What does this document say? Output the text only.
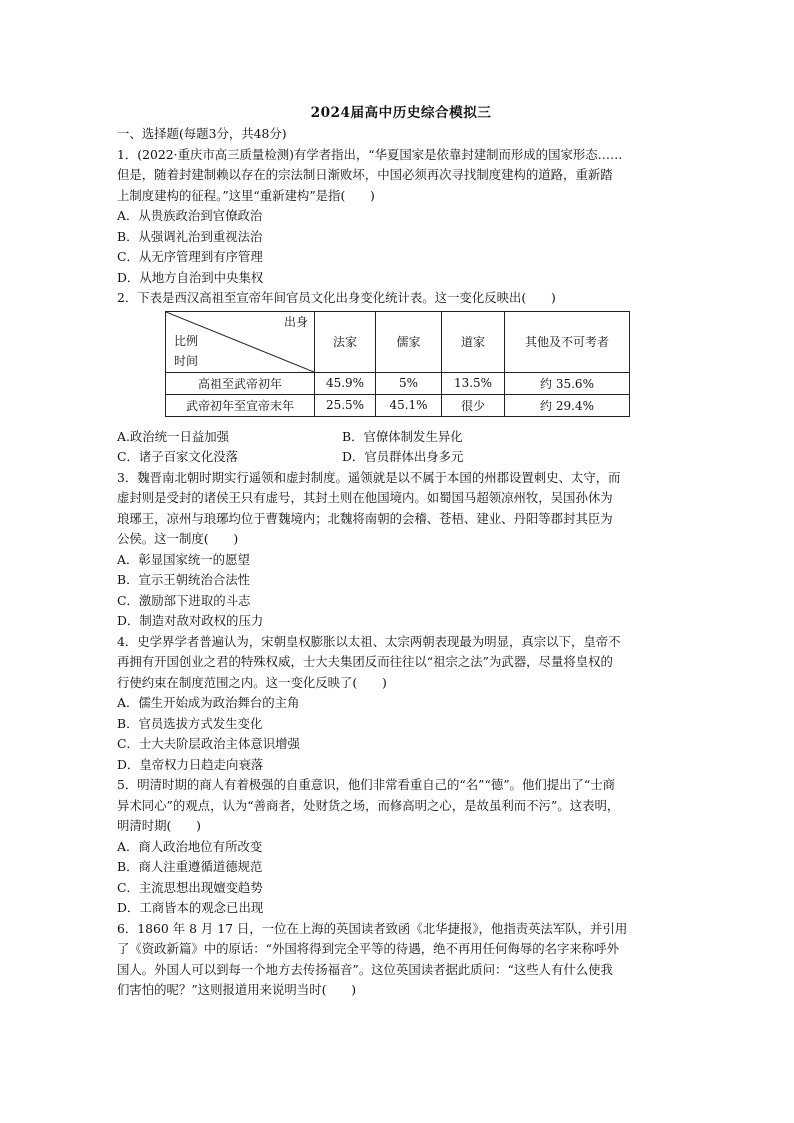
2024届高中历史综合模拟三
一、选择题(每题3分，共48分)
1．(2022·重庆市高三质量检测)有学者指出，“华夏国家是依靠封建制而形成的国家形态……
但是，随着封建制赖以存在的宗法制日渐败坏，中国必须再次寻找制度建构的道路，重新踏
上制度建构的征程。”这里“重新建构”是指(　　)
A．从贵族政治到官僚政治
B．从强调礼治到重视法治
C．从无序管理到有序管理
D．从地方自治到中央集权
2．下表是西汉高祖至宣帝年间官员文化出身变化统计表。这一变化反映出(　　)
出身
比例
时间	法家	儒家	道家	其他及不可考者
高祖至武帝初年	45.9%	5%	13.5%	约 35.6%
武帝初年至宣帝末年	25.5%	45.1%	很少	约 29.4%
A.政治统一日益加强	B．官僚体制发生异化
C．诸子百家文化没落	D．官员群体出身多元
3．魏晋南北朝时期实行遥领和虚封制度。遥领就是以不属于本国的州郡设置刺史、太守，而
虚封则是受封的诸侯王只有虚号，其封土则在他国境内。如蜀国马超领凉州牧，吴国孙休为
琅琊王，凉州与琅琊均位于曹魏境内；北魏将南朝的会稽、苍梧、建业、丹阳等郡封其臣为
公侯。这一制度(　　)
A．彰显国家统一的愿望
B．宣示王朝统治合法性
C．激励部下进取的斗志
D．制造对敌对政权的压力
4．史学界学者普遍认为，宋朝皇权膨胀以太祖、太宗两朝表现最为明显，真宗以下，皇帝不
再拥有开国创业之君的特殊权威，士大夫集团反而往往以“祖宗之法”为武器，尽量将皇权的
行使约束在制度范围之内。这一变化反映了(　　)
A．儒生开始成为政治舞台的主角
B．官员选拔方式发生变化
C．士大夫阶层政治主体意识增强
D．皇帝权力日趋走向衰落
5．明清时期的商人有着极强的自重意识，他们非常看重自己的“名”“德”。他们提出了“士商
异术同心”的观点，认为“善商者，处财货之场，而修高明之心，是故虽利而不污”。这表明，
明清时期(　　)
A．商人政治地位有所改变
B．商人注重遵循道德规范
C．主流思想出现嬗变趋势
D．工商皆本的观念已出现
6．1860 年 8 月 17 日，一位在上海的英国读者致函《北华捷报》，他指责英法军队，并引用
了《资政新篇》中的原话：“外国将得到完全平等的待遇，绝不再用任何侮辱的名字来称呼外
国人。外国人可以到每一个地方去传扬福音”。这位英国读者据此质问：“这些人有什么使我
们害怕的呢？”这则报道用来说明当时(　　)
